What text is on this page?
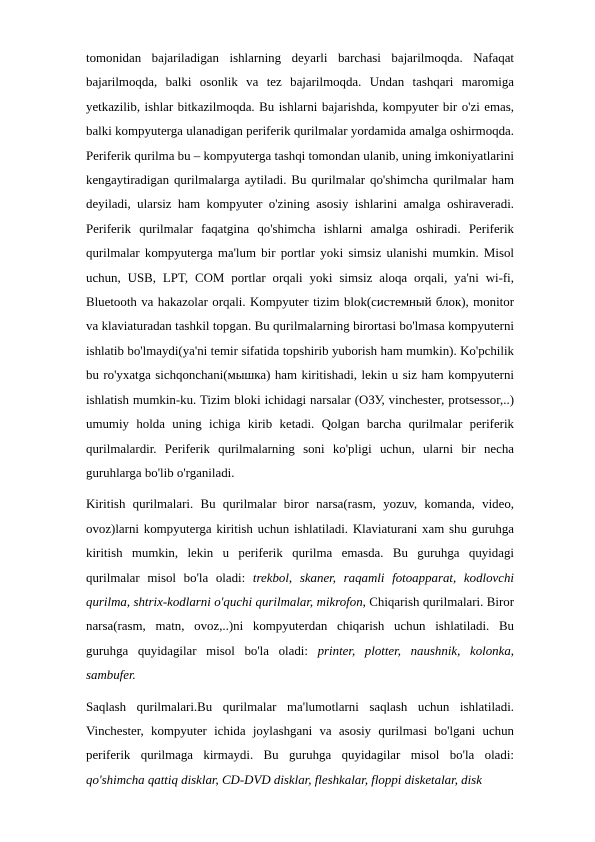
tomonidan bajariladigan ishlarning deyarli barchasi bajarilmoqda. Nafaqat bajarilmoqda, balki osonlik va tez bajarilmoqda. Undan tashqari maromiga yetkazilib, ishlar bitkazilmoqda. Bu ishlarni bajarishda, kompyuter bir o'zi emas, balki kompyuterga ulanadigan periferik qurilmalar yordamida amalga oshirmoqda. Periferik qurilma bu – kompyuterga tashqi tomondan ulanib, uning imkoniyatlarini kengaytiradigan qurilmalarga aytiladi. Bu qurilmalar qo'shimcha qurilmalar ham deyiladi, ularsiz ham kompyuter o'zining asosiy ishlarini amalga oshiraveradi. Periferik qurilmalar faqatgina qo'shimcha ishlarni amalga oshiradi. Periferik qurilmalar kompyuterga ma'lum bir portlar yoki simsiz ulanishi mumkin. Misol uchun, USB, LPT, COM portlar orqali yoki simsiz aloqa orqali, ya'ni wi-fi, Bluetooth va hakazolar orqali. Kompyuter tizim blok(системный блок), monitor va klaviaturadan tashkil topgan. Bu qurilmalarning birortasi bo'lmasa kompyuterni ishlatib bo'lmaydi(ya'ni temir sifatida topshirib yuborish ham mumkin). Ko'pchilik bu ro'yxatga sichqonchani(мышка) ham kiritishadi, lekin u siz ham kompyuterni ishlatish mumkin-ku. Tizim bloki ichidagi narsalar (ОЗУ, vinchester, protsessor,..) umumiy holda uning ichiga kirib ketadi. Qolgan barcha qurilmalar periferik qurilmalardir. Periferik qurilmalarning soni ko'pligi uchun, ularni bir necha guruhlarga bo'lib o'rganiladi.

Kiritish qurilmalari. Bu qurilmalar biror narsa(rasm, yozuv, komanda, video, ovoz)larni kompyuterga kiritish uchun ishlatiladi. Klaviaturani xam shu guruhga kiritish mumkin, lekin u periferik qurilma emasda. Bu guruhga quyidagi qurilmalar misol bo'la oladi: trekbol, skaner, raqamli fotoapparat, kodlovchi qurilma, shtrix-kodlarni o'quchi qurilmalar, mikrofon, Chiqarish qurilmalari. Biror narsa(rasm, matn, ovoz,..)ni kompyuterdan chiqarish uchun ishlatiladi. Bu guruhga quyidagilar misol bo'la oladi: printer, plotter, naushnik, kolonka, sambufer.

Saqlash qurilmalari.Bu qurilmalar ma'lumotlarni saqlash uchun ishlatiladi. Vinchester, kompyuter ichida joylashgani va asosiy qurilmasi bo'lgani uchun periferik qurilmaga kirmaydi. Bu guruhga quyidagilar misol bo'la oladi: qo'shimcha qattiq disklar, CD-DVD disklar, fleshkalar, floppi disketalar, disk
